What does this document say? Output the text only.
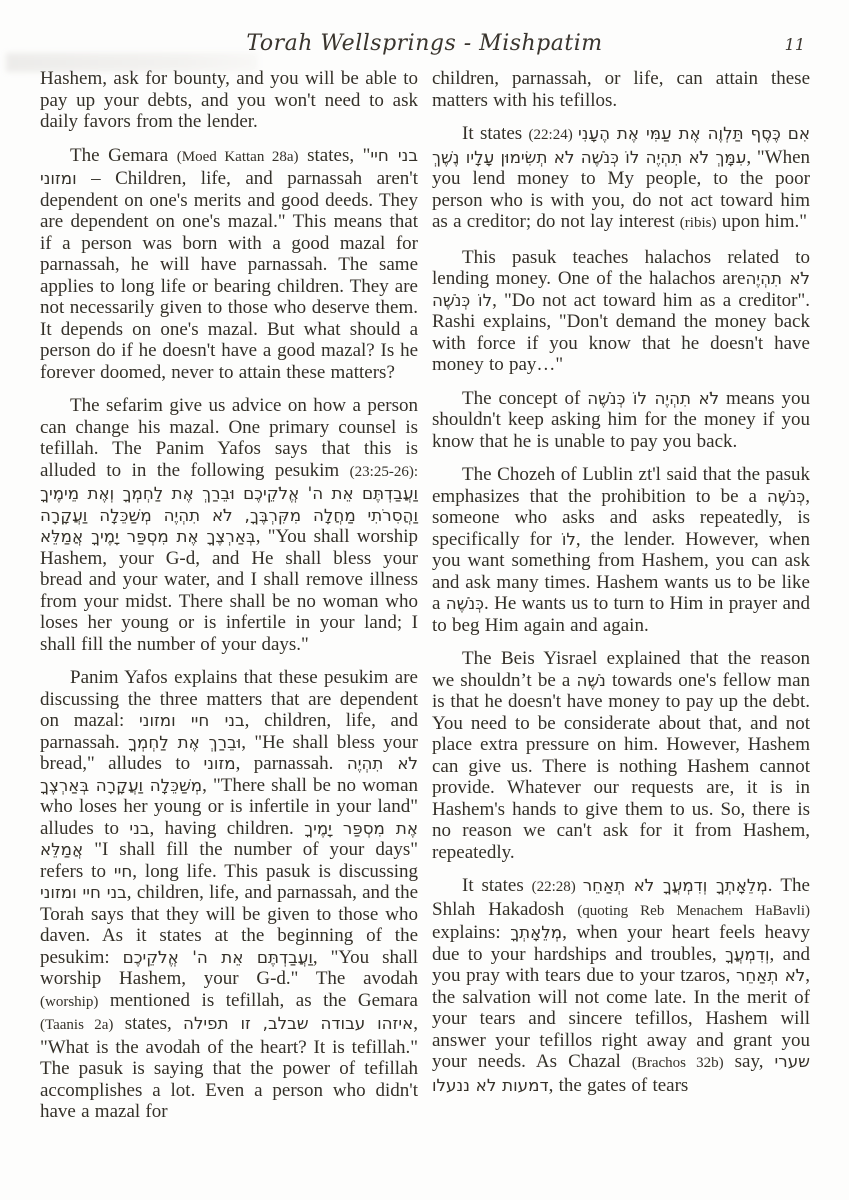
Torah Wellsprings - Mishpatim	11

Hashem, ask for bounty, and you will be able to pay up your debts, and you won't need to ask daily favors from the lender.

The Gemara (Moed Kattan 28a) states, "בני חיי ומזוני – Children, life, and parnassah aren't dependent on one's merits and good deeds. They are dependent on one's mazal." This means that if a person was born with a good mazal for parnassah, he will have parnassah. The same applies to long life or bearing children. They are not necessarily given to those who deserve them. It depends on one's mazal. But what should a person do if he doesn't have a good mazal? Is he forever doomed, never to attain these matters?

The sefarim give us advice on how a person can change his mazal. One primary counsel is tefillah. The Panim Yafos says that this is alluded to in the following pesukim (23:25-26): וַעֲבַדְתֶּם אֵת ה' אֱלֹקֵיכֶם וּבֵרַךְ אֶת לַחְמְךָ וְאֶת מֵימֶיךָ וַהֲסִרֹתִי מַחֲלָה מִקִּרְבֶּךָ, לֹא תִהְיֶה מְשַׁכֵּלָה וַעֲקָרָה בְּאַרְצֶךָ אֶת מִסְפַּר יָמֶיךָ אֲמַלֵּא, "You shall worship Hashem, your G-d, and He shall bless your bread and your water, and I shall remove illness from your midst. There shall be no woman who loses her young or is infertile in your land; I shall fill the number of your days."

Panim Yafos explains that these pesukim are discussing the three matters that are dependent on mazal: בני חיי ומזוני, children, life, and parnassah. וּבֵרַךְ אֶת לַחְמְךָ, "He shall bless your bread," alludes to מזוני, parnassah. לֹא תִהְיֶה מְשַׁכֵּלָה וַעֲקָרָה בְּאַרְצֶךָ, "There shall be no woman who loses her young or is infertile in your land" alludes to בני, having children. אֶת מִסְפַּר יָמֶיךָ אֲמַלֵּא "I shall fill the number of your days" refers to חיי, long life. This pasuk is discussing בני חיי ומזוני, children, life, and parnassah, and the Torah says that they will be given to those who daven. As it states at the beginning of the pesukim: וַעֲבַדְתֶּם אֵת ה' אֱלֹקֵיכֶם, "You shall worship Hashem, your G-d." The avodah (worship) mentioned is tefillah, as the Gemara (Taanis 2a) states, איזהו עבודה שבלב, זו תפילה, "What is the avodah of the heart? It is tefillah." The pasuk is saying that the power of tefillah accomplishes a lot. Even a person who didn't have a mazal for

children, parnassah, or life, can attain these matters with his tefillos.

It states (22:24) אִם כֶּסֶף תַּלְוֶה אֶת עַמִּי אֶת הֶעָנִי עִמָּךְ לֹא תִהְיֶה לוֹ כְּנֹשֶׁה לֹא תְשִׂימוּן עָלָיו נֶשֶׁךְ, "When you lend money to My people, to the poor person who is with you, do not act toward him as a creditor; do not lay interest (ribis) upon him."

This pasuk teaches halachos related to lending money. One of the halachos areלֹא תִהְיֶה לוֹ כְּנֹשֶׁה, "Do not act toward him as a creditor". Rashi explains, "Don't demand the money back with force if you know that he doesn't have money to pay…"

The concept of לֹא תִהְיֶה לוֹ כְּנֹשֶׁה means you shouldn't keep asking him for the money if you know that he is unable to pay you back.

The Chozeh of Lublin zt'l said that the pasuk emphasizes that the prohibition to be a כְּנֹשֶׁה, someone who asks and asks repeatedly, is specifically for לוֹ, the lender. However, when you want something from Hashem, you can ask and ask many times. Hashem wants us to be like a כְּנֹשֶׁה. He wants us to turn to Him in prayer and to beg Him again and again.

The Beis Yisrael explained that the reason we shouldn’t be a נֹשֶׁה towards one's fellow man is that he doesn't have money to pay up the debt. You need to be considerate about that, and not place extra pressure on him. However, Hashem can give us. There is nothing Hashem cannot provide. Whatever our requests are, it is in Hashem's hands to give them to us. So, there is no reason we can't ask for it from Hashem, repeatedly.

It states (22:28) מְלֵאָתְךָ וְדִמְעֲךָ לֹא תְאַחֵר. The Shlah Hakadosh (quoting Reb Menachem HaBavli) explains: מְלֵאָתְךָ, when your heart feels heavy due to your hardships and troubles, וְדִמְעֲךָ, and you pray with tears due to your tzaros, לֹא תְאַחֵר, the salvation will not come late. In the merit of your tears and sincere tefillos, Hashem will answer your tefillos right away and grant you your needs. As Chazal (Brachos 32b) say, שערי דמעות לא ננעלו, the gates of tears
